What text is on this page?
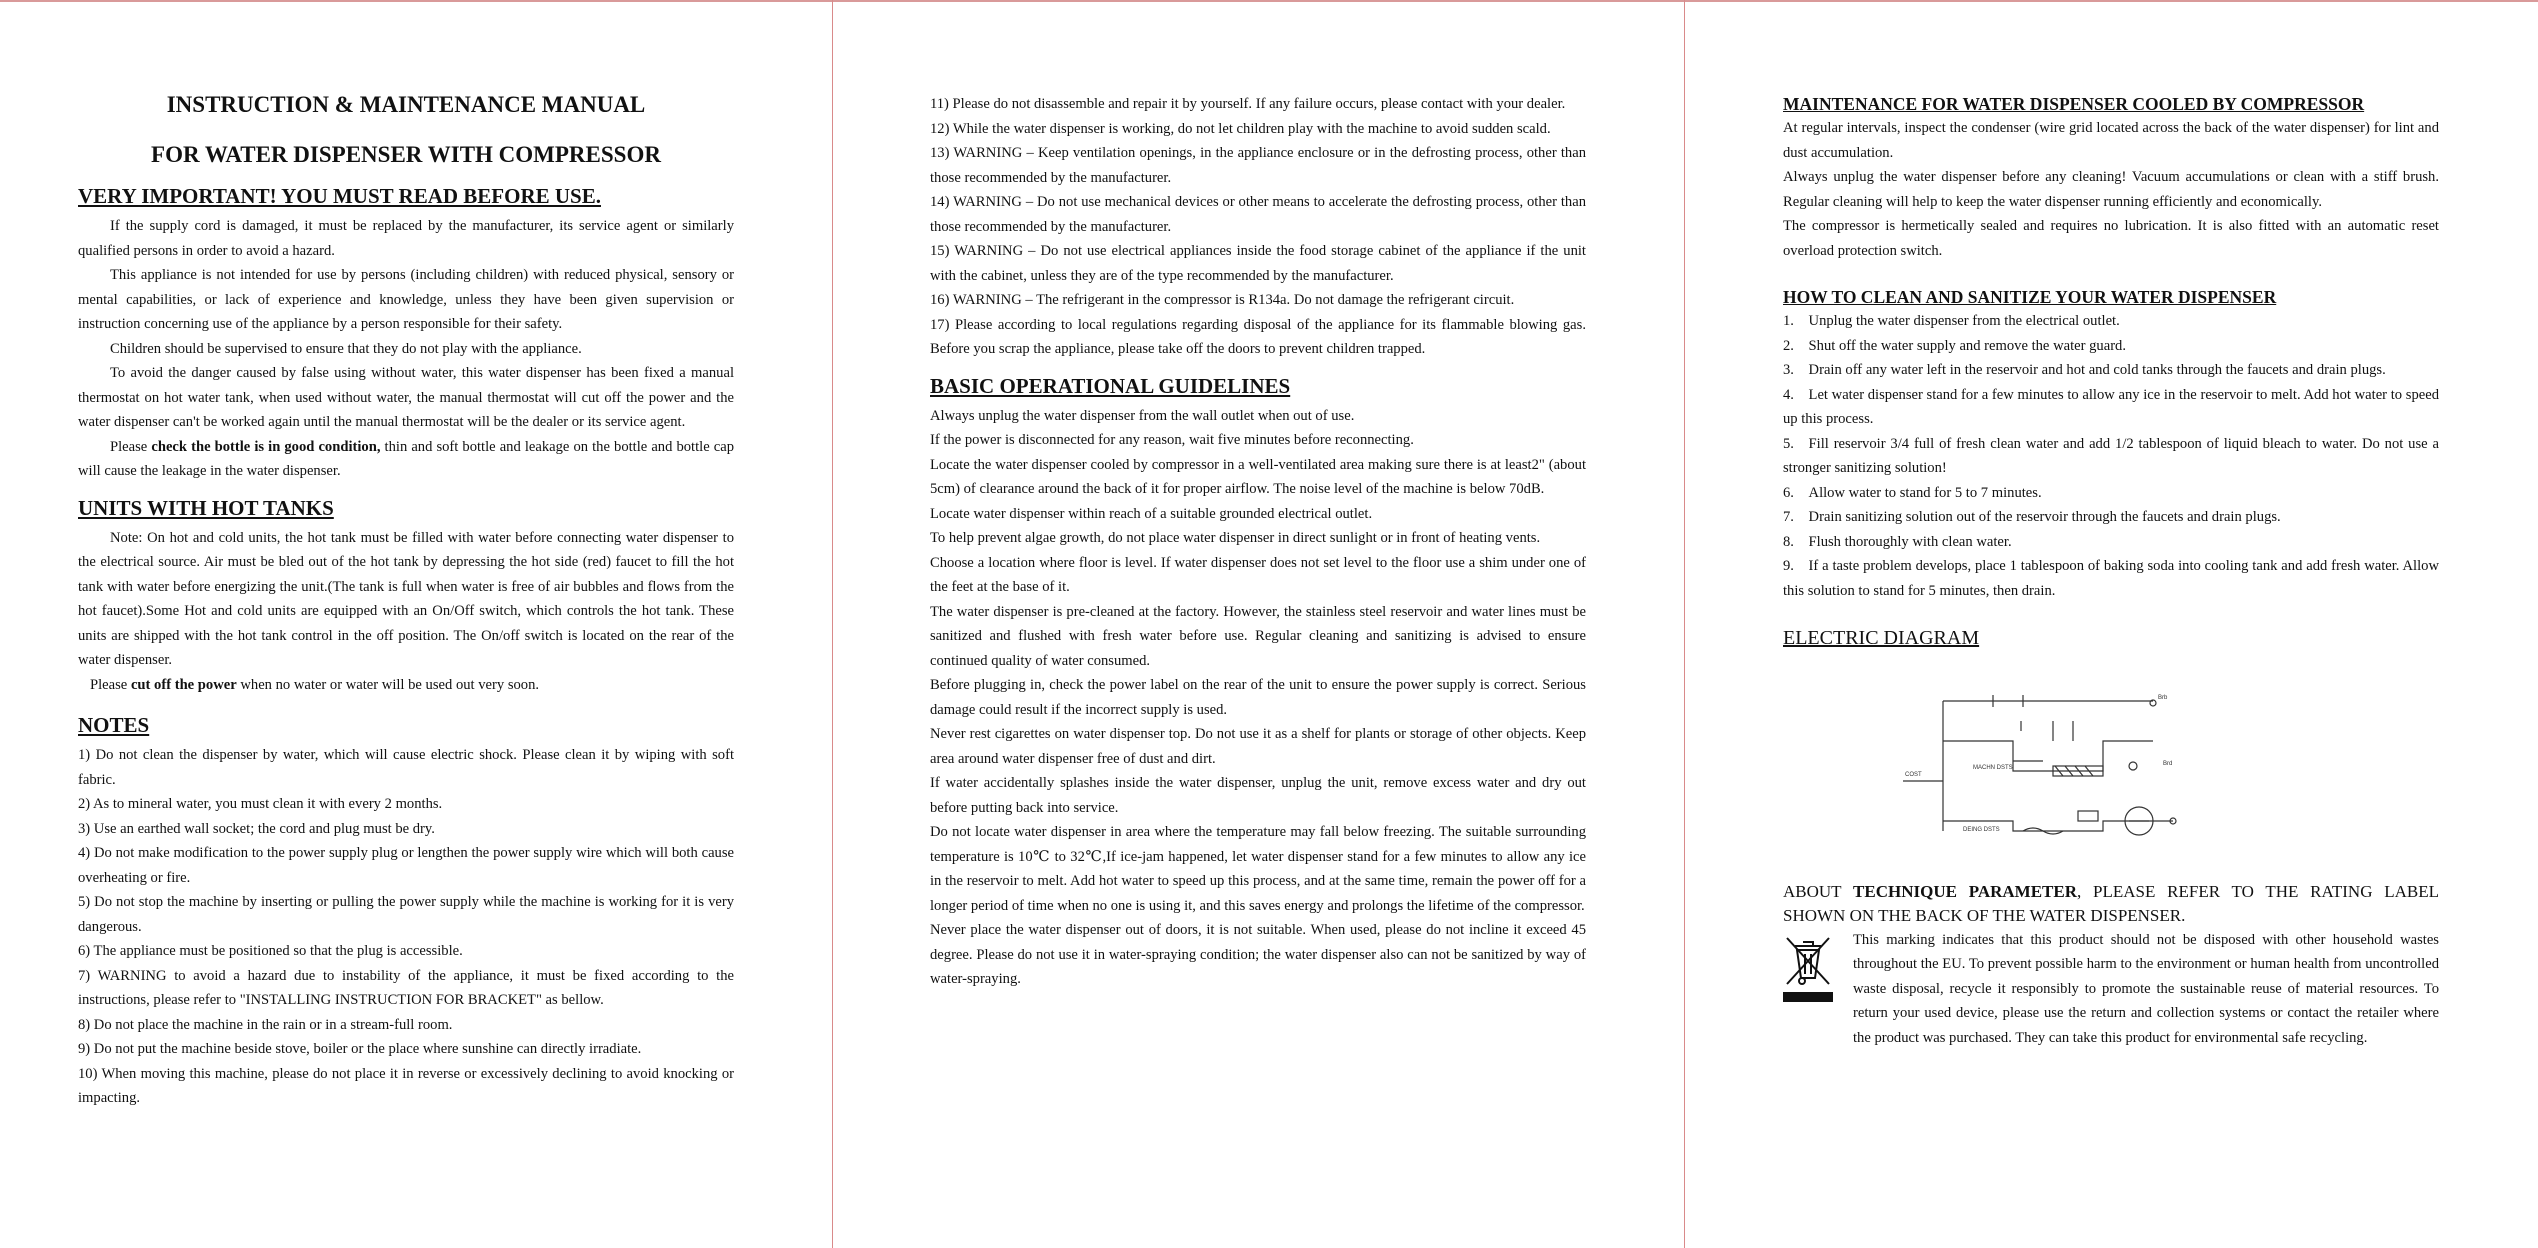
INSTRUCTION & MAINTENANCE MANUAL
FOR WATER DISPENSER WITH COMPRESSOR
VERY IMPORTANT! YOU MUST READ BEFORE USE.

If the supply cord is damaged, it must be replaced by the manufacturer, its service agent or similarly qualified persons in order to avoid a hazard.

This appliance is not intended for use by persons (including children) with reduced physical, sensory or mental capabilities, or lack of experience and knowledge, unless they have been given supervision or instruction concerning use of the appliance by a person responsible for their safety.

Children should be supervised to ensure that they do not play with the appliance.

To avoid the danger caused by false using without water, this water dispenser has been fixed a manual thermostat on hot water tank, when used without water, the manual thermostat will cut off the power and the water dispenser can't be worked again until the manual thermostat will be the dealer or its service agent.

Please check the bottle is in good condition, thin and soft bottle and leakage on the bottle and bottle cap will cause the leakage in the water dispenser.

UNITS WITH HOT TANKS

Note: On hot and cold units, the hot tank must be filled with water before connecting water dispenser to the electrical source. Air must be bled out of the hot tank by depressing the hot side (red) faucet to fill the hot tank with water before energizing the unit.(The tank is full when water is free of air bubbles and flows from the hot faucet).Some Hot and cold units are equipped with an On/Off switch, which controls the hot tank. These units are shipped with the hot tank control in the off position. The On/off switch is located on the rear of the water dispenser.

Please cut off the power when no water or water will be used out very soon.

NOTES

1) Do not clean the dispenser by water, which will cause electric shock. Please clean it by wiping with soft fabric.

2) As to mineral water, you must clean it with every 2 months.

3) Use an earthed wall socket; the cord and plug must be dry.

4) Do not make modification to the power supply plug or lengthen the power supply wire which will both cause overheating or fire.

5) Do not stop the machine by inserting or pulling the power supply while the machine is working for it is very dangerous.

6) The appliance must be positioned so that the plug is accessible.

7) WARNING to avoid a hazard due to instability of the appliance, it must be fixed according to the instructions, please refer to "INSTALLING INSTRUCTION FOR BRACKET" as bellow.

8) Do not place the machine in the rain or in a stream-full room.

9) Do not put the machine beside stove, boiler or the place where sunshine can directly irradiate.

10) When moving this machine, please do not place it in reverse or excessively declining to avoid knocking or impacting.

11) Please do not disassemble and repair it by yourself. If any failure occurs, please contact with your dealer.

12) While the water dispenser is working, do not let children play with the machine to avoid sudden scald.

13) WARNING – Keep ventilation openings, in the appliance enclosure or in the defrosting process, other than those recommended by the manufacturer.

14) WARNING – Do not use mechanical devices or other means to accelerate the defrosting process, other than those recommended by the manufacturer.

15) WARNING – Do not use electrical appliances inside the food storage cabinet of the appliance if the unit with the cabinet, unless they are of the type recommended by the manufacturer.

16) WARNING – The refrigerant in the compressor is R134a. Do not damage the refrigerant circuit.

17) Please according to local regulations regarding disposal of the appliance for its flammable blowing gas. Before you scrap the appliance, please take off the doors to prevent children trapped.

BASIC OPERATIONAL GUIDELINES

Always unplug the water dispenser from the wall outlet when out of use.

If the power is disconnected for any reason, wait five minutes before reconnecting.

Locate the water dispenser cooled by compressor in a well-ventilated area making sure there is at least2" (about 5cm) of clearance around the back of it for proper airflow. The noise level of the machine is below 70dB.

Locate water dispenser within reach of a suitable grounded electrical outlet.

To help prevent algae growth, do not place water dispenser in direct sunlight or in front of heating vents.

Choose a location where floor is level. If water dispenser does not set level to the floor use a shim under one of the feet at the base of it.

The water dispenser is pre-cleaned at the factory. However, the stainless steel reservoir and water lines must be sanitized and flushed with fresh water before use. Regular cleaning and sanitizing is advised to ensure continued quality of water consumed.

Before plugging in, check the power label on the rear of the unit to ensure the power supply is correct. Serious damage could result if the incorrect supply is used.

Never rest cigarettes on water dispenser top. Do not use it as a shelf for plants or storage of other objects. Keep area around water dispenser free of dust and dirt.

If water accidentally splashes inside the water dispenser, unplug the unit, remove excess water and dry out before putting back into service.

Do not locate water dispenser in area where the temperature may fall below freezing. The suitable surrounding temperature is 10℃ to 32℃,If ice-jam happened, let water dispenser stand for a few minutes to allow any ice in the reservoir to melt. Add hot water to speed up this process, and at the same time, remain the power off for a longer period of time when no one is using it, and this saves energy and prolongs the lifetime of the compressor.

Never place the water dispenser out of doors, it is not suitable. When used, please do not incline it exceed 45 degree. Please do not use it in water-spraying condition; the water dispenser also can not be sanitized by way of water-spraying.

MAINTENANCE FOR WATER DISPENSER COOLED BY COMPRESSOR

At regular intervals, inspect the condenser (wire grid located across the back of the water dispenser) for lint and dust accumulation.

Always unplug the water dispenser before any cleaning! Vacuum accumulations or clean with a stiff brush. Regular cleaning will help to keep the water dispenser running efficiently and economically.

The compressor is hermetically sealed and requires no lubrication. It is also fitted with an automatic reset overload protection switch.

HOW TO CLEAN AND SANITIZE YOUR WATER DISPENSER

1. Unplug the water dispenser from the electrical outlet.

2. Shut off the water supply and remove the water guard.

3. Drain off any water left in the reservoir and hot and cold tanks through the faucets and drain plugs.

4. Let water dispenser stand for a few minutes to allow any ice in the reservoir to melt. Add hot water to speed up this process.

5. Fill reservoir 3/4 full of fresh clean water and add 1/2 tablespoon of liquid bleach to water. Do not use a stronger sanitizing solution!

6. Allow water to stand for 5 to 7 minutes.

7. Drain sanitizing solution out of the reservoir through the faucets and drain plugs.

8. Flush thoroughly with clean water.

9. If a taste problem develops, place 1 tablespoon of baking soda into cooling tank and add fresh water. Allow this solution to stand for 5 minutes, then drain.

ELECTRIC DIAGRAM
MACHN DSTS
DEING DSTS
COST
Brb
Brd

ABOUT TECHNIQUE PARAMETER, PLEASE REFER TO THE RATING LABEL SHOWN ON THE BACK OF THE WATER DISPENSER.

This marking indicates that this product should not be disposed with other household wastes throughout the EU. To prevent possible harm to the environment or human health from uncontrolled waste disposal, recycle it responsibly to promote the sustainable reuse of material resources. To return your used device, please use the return and collection systems or contact the retailer where the product was purchased. They can take this product for environmental safe recycling.
